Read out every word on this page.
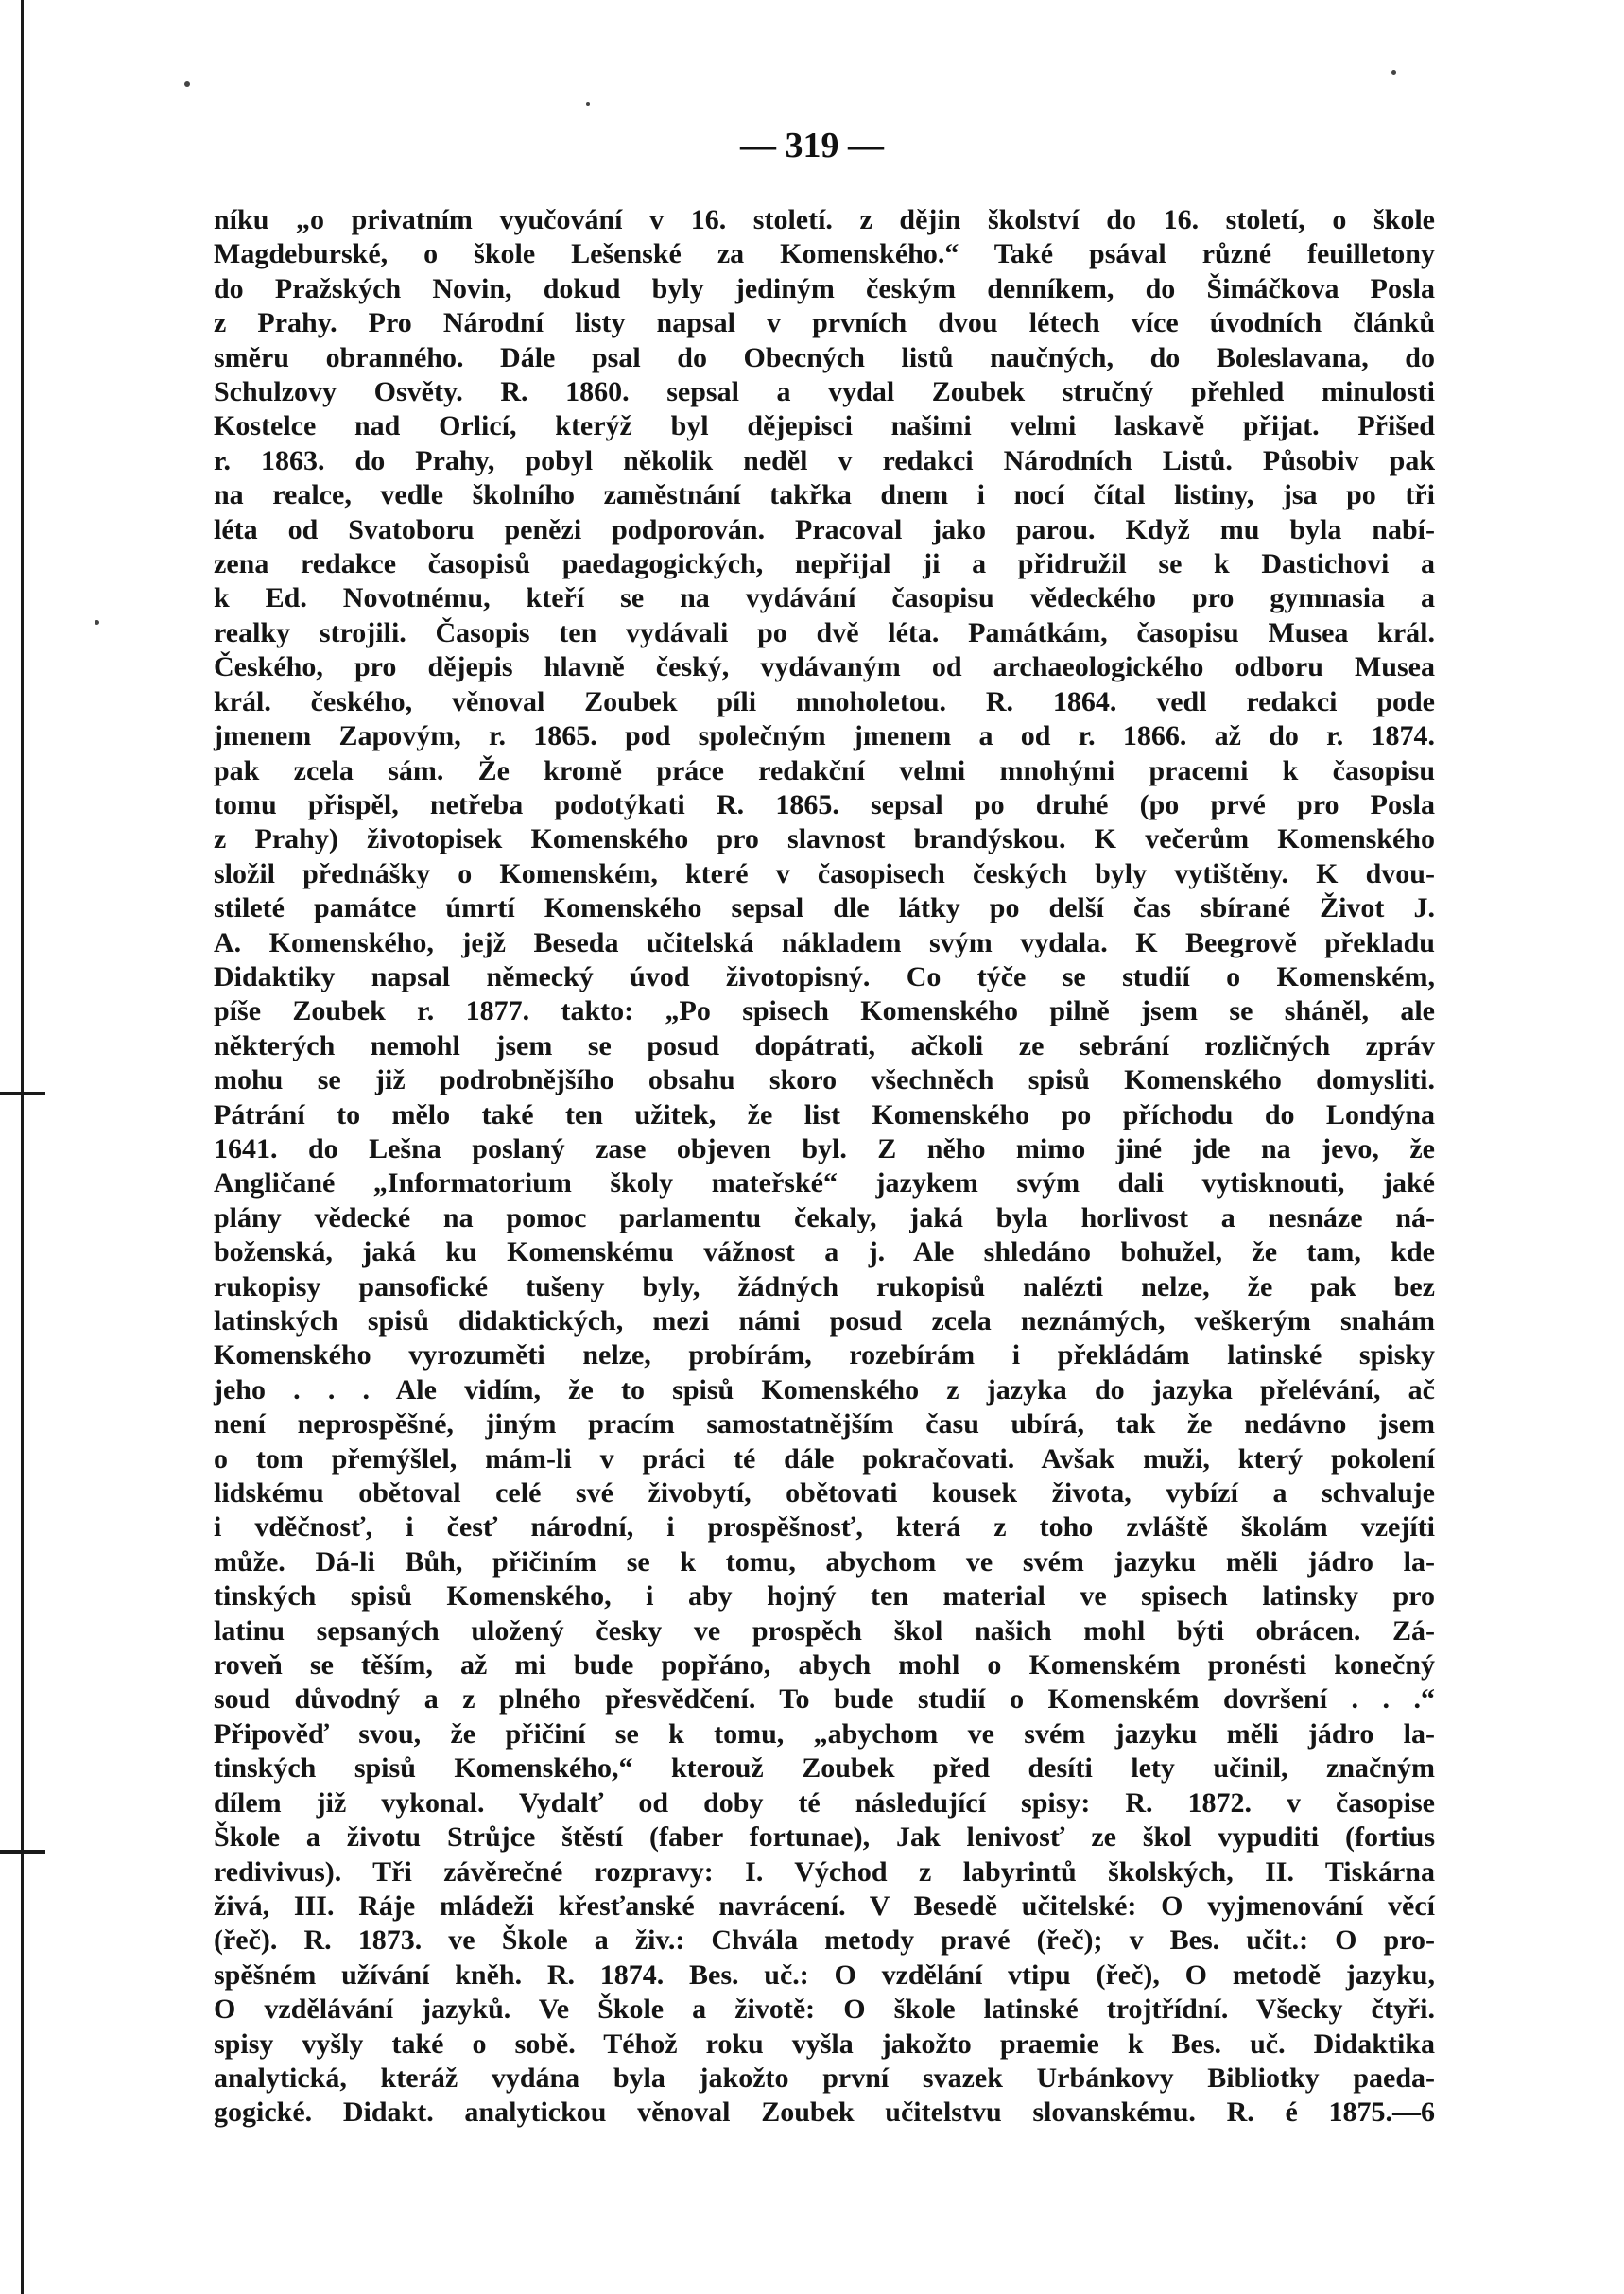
— 319 —
níku „o privatním vyučování v 16. století. z dějin školství do 16. století, o škole
Magdeburské, o škole Lešenské za Komenského.“ Také psával různé feuilletony
do Pražských Novin, dokud byly jediným českým denníkem, do Šimáčkova Posla
z Prahy. Pro Národní listy napsal v prvních dvou létech více úvodních článků
směru obranného. Dále psal do Obecných listů naučných, do Boleslavana, do
Schulzovy Osvěty. R. 1860. sepsal a vydal Zoubek stručný přehled minulosti
Kostelce nad Orlicí, kterýž byl dějepisci našimi velmi laskavě přijat. Přišed
r. 1863. do Prahy, pobyl několik neděl v redakci Národních Listů. Působiv pak
na realce, vedle školního zaměstnání takřka dnem i nocí čítal listiny, jsa po tři
léta od Svatoboru penězi podporován. Pracoval jako parou. Když mu byla nabí-
zena redakce časopisů paedagogických, nepřijal ji a přidružil se k Dastichovi a
k Ed. Novotnému, kteří se na vydávání časopisu vědeckého pro gymnasia a
realky strojili. Časopis ten vydávali po dvě léta. Památkám, časopisu Musea král.
Českého, pro dějepis hlavně český, vydávaným od archaeologického odboru Musea
král. českého, věnoval Zoubek píli mnoholetou. R. 1864. vedl redakci pode
jmenem Zapovým, r. 1865. pod společným jmenem a od r. 1866. až do r. 1874.
pak zcela sám. Že kromě práce redakční velmi mnohými pracemi k časopisu
tomu přispěl, netřeba podotýkati R. 1865. sepsal po druhé (po prvé pro Posla
z Prahy) životopisek Komenského pro slavnost brandýskou. K večerům Komenského
složil přednášky o Komenském, které v časopisech českých byly vytištěny. K dvou-
stileté památce úmrtí Komenského sepsal dle látky po delší čas sbírané Život J.
A. Komenského, jejž Beseda učitelská nákladem svým vydala. K Beegrově překladu
Didaktiky napsal německý úvod životopisný. Co týče se studií o Komenském,
píše Zoubek r. 1877. takto: „Po spisech Komenského pilně jsem se sháněl, ale
některých nemohl jsem se posud dopátrati, ačkoli ze sebrání rozličných zpráv
mohu se již podrobnějšího obsahu skoro všechněch spisů Komenského domysliti.
Pátrání to mělo také ten užitek, že list Komenského po příchodu do Londýna
1641. do Lešna poslaný zase objeven byl. Z něho mimo jiné jde na jevo, že
Angličané „Informatorium školy mateřské“ jazykem svým dali vytisknouti, jaké
plány vědecké na pomoc parlamentu čekaly, jaká byla horlivost a nesnáze ná-
boženská, jaká ku Komenskému vážnost a j. Ale shledáno bohužel, že tam, kde
rukopisy pansofické tušeny byly, žádných rukopisů nalézti nelze, že pak bez
latinských spisů didaktických, mezi námi posud zcela neznámých, veškerým snahám
Komenského vyrozuměti nelze, probírám, rozebírám i překládám latinské spisky
jeho . . . Ale vidím, že to spisů Komenského z jazyka do jazyka přelévání, ač
není neprospěšné, jiným pracím samostatnějším času ubírá, tak že nedávno jsem
o tom přemýšlel, mám-li v práci té dále pokračovati. Avšak muži, který pokolení
lidskému obětoval celé své živobytí, obětovati kousek života, vybízí a schvaluje
i vděčnosť, i česť národní, i prospěšnosť, která z toho zvláště školám vzejíti
může. Dá-li Bůh, přičiním se k tomu, abychom ve svém jazyku měli jádro la-
tinských spisů Komenského, i aby hojný ten material ve spisech latinsky pro
latinu sepsaných uložený česky ve prospěch škol našich mohl býti obrácen. Zá-
roveň se těším, až mi bude popřáno, abych mohl o Komenském pronésti konečný
soud důvodný a z plného přesvědčení. To bude studií o Komenském dovršení . . .“
Připověď svou, že přičiní se k tomu, „abychom ve svém jazyku měli jádro la-
tinských spisů Komenského,“ kterouž Zoubek před desíti lety učinil, značným
dílem již vykonal. Vydalť od doby té následující spisy: R. 1872. v časopise
Škole a životu Strůjce štěstí (faber fortunae), Jak lenivosť ze škol vypuditi (fortius
redivivus). Tři závěrečné rozpravy: I. Východ z labyrintů školských, II. Tiskárna
živá, III. Ráje mládeži křesťanské navrácení. V Besedě učitelské: O vyjmenování věcí
(řeč). R. 1873. ve Škole a živ.: Chvála metody pravé (řeč); v Bes. učit.: O pro-
spěšném užívání kněh. R. 1874. Bes. uč.: O vzdělání vtipu (řeč), O metodě jazyku,
O vzdělávání jazyků. Ve Škole a životě: O škole latinské trojtřídní. Všecky čtyři.
spisy vyšly také o sobě. Téhož roku vyšla jakožto praemie k Bes. uč. Didaktika
analytická, kteráž vydána byla jakožto první svazek Urbánkovy Bibliotky paeda-
gogické. Didakt. analytickou věnoval Zoubek učitelstvu slovanskému. R. é 1875.—6
